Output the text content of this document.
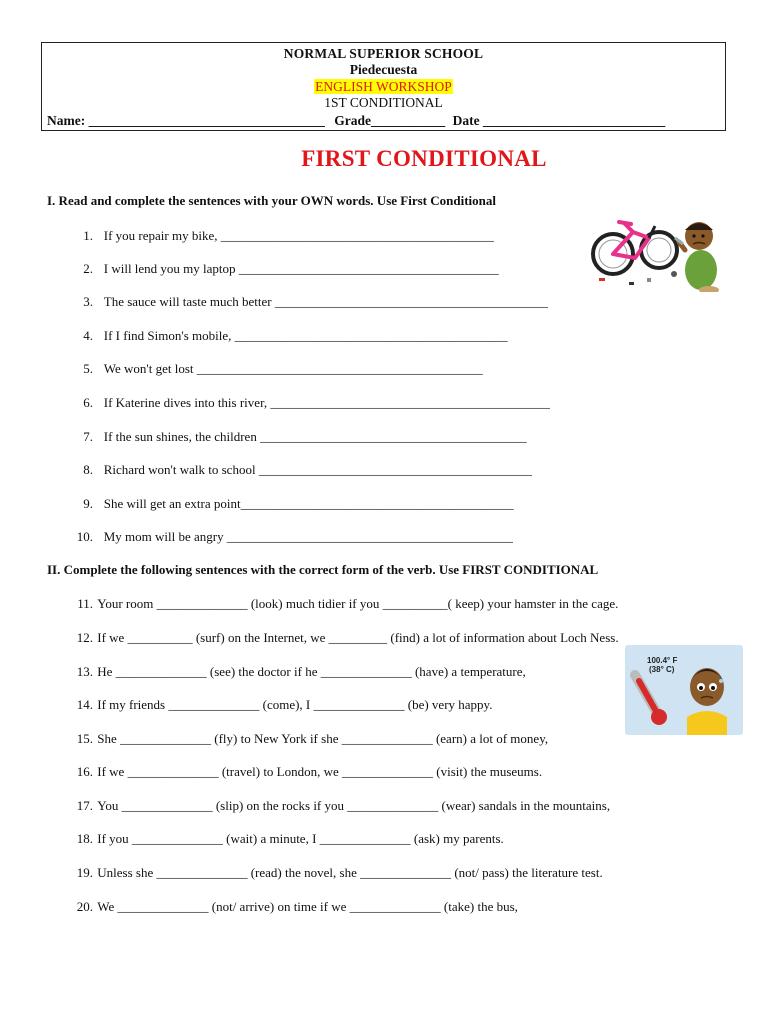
NORMAL SUPERIOR SCHOOL
Piedecuesta
ENGLISH WORKSHOP
1ST CONDITIONAL
Name: ___________________________________ Grade___________ Date ___________________________
FIRST CONDITIONAL
I. Read and complete the sentences with your OWN words. Use First Conditional
1. If you repair my bike, __________________________________________
2. I will lend you my laptop ________________________________________
3. The sauce will taste much better __________________________________________
4. If I find Simon's mobile, __________________________________________
5. We won't get lost ____________________________________________
6. If Katerine dives into this river, ___________________________________________
7. If the sun shines, the children _________________________________________
8. Richard won't walk to school __________________________________________
9. She will get an extra point__________________________________________
10. My mom will be angry ____________________________________________
II. Complete the following sentences with the correct form of the verb. Use FIRST CONDITIONAL
11. Your room ______________ (look) much tidier if you __________( keep) your hamster in the cage.
12. If we __________ (surf) on the Internet, we _________ (find) a lot of information about Loch Ness.
13. He ______________ (see) the doctor if he ______________ (have) a temperature,
14. If my friends ______________ (come), I ______________ (be) very happy.
15. She ______________ (fly) to New York if she ______________ (earn) a lot of money,
16. If we ______________ (travel) to London, we ______________ (visit) the museums.
17. You ______________ (slip) on the rocks if you ______________ (wear) sandals in the mountains,
18. If you ______________ (wait) a minute, I ______________ (ask) my parents.
19. Unless she ______________ (read) the novel, she ______________ (not/ pass) the literature test.
20. We ______________ (not/ arrive) on time if we ______________ (take) the bus,
100.4° F
(38° C)
